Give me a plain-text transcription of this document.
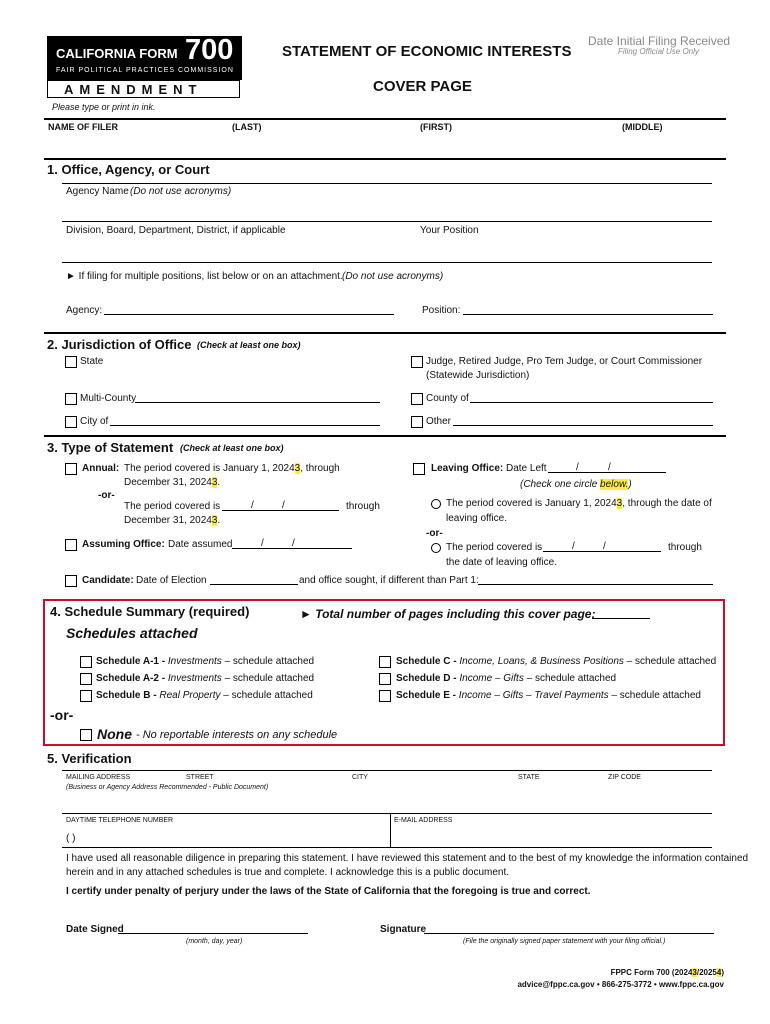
CALIFORNIA FORM 700
FAIR POLITICAL PRACTICES COMMISSION
AMENDMENT
Please type or print in ink.
STATEMENT OF ECONOMIC INTERESTS
COVER PAGE
Date Initial Filing Received
Filing Official Use Only
NAME OF FILER	(LAST)	(FIRST)	(MIDDLE)
1. Office, Agency, or Court
Agency Name (Do not use acronyms)
Division, Board, Department, District, if applicable	Your Position
► If filing for multiple positions, list below or on an attachment. (Do not use acronyms)
Agency:	Position:
2. Jurisdiction of Office (Check at least one box)
State	Judge, Retired Judge, Pro Tem Judge, or Court Commissioner
(Statewide Jurisdiction)
Multi-County	County of
City of	Other
3. Type of Statement (Check at least one box)
Annual: The period covered is January 1, 20243, through
December 31, 20243.
-or-
The period covered is	/	/	through
December 31, 20243.
Assuming Office: Date assumed	/	/
Leaving Office: Date Left	/	/
(Check one circle below.)
The period covered is January 1, 20243, through the date of
leaving office.
-or-
The period covered is	/	/	through
the date of leaving office.
Candidate: Date of Election	and office sought, if different than Part 1:
4. Schedule Summary (required)	► Total number of pages including this cover page:
Schedules attached
Schedule A-1 - Investments – schedule attached
Schedule A-2 - Investments – schedule attached
Schedule B - Real Property – schedule attached
Schedule C - Income, Loans, & Business Positions – schedule attached
Schedule D - Income – Gifts – schedule attached
Schedule E - Income – Gifts – Travel Payments – schedule attached
-or-
None - No reportable interests on any schedule
5. Verification
MAILING ADDRESS	STREET	CITY	STATE	ZIP CODE
(Business or Agency Address Recommended - Public Document)
DAYTIME TELEPHONE NUMBER	E-MAIL ADDRESS
( )
I have used all reasonable diligence in preparing this statement. I have reviewed this statement and to the best of my knowledge the information contained
herein and in any attached schedules is true and complete. I acknowledge this is a public document.
I certify under penalty of perjury under the laws of the State of California that the foregoing is true and correct.
Date Signed
(month, day, year)
Signature
(File the originally signed paper statement with your filing official.)
FPPC Form 700 (20243/20254)
advice@fppc.ca.gov • 866-275-3772 • www.fppc.ca.gov
